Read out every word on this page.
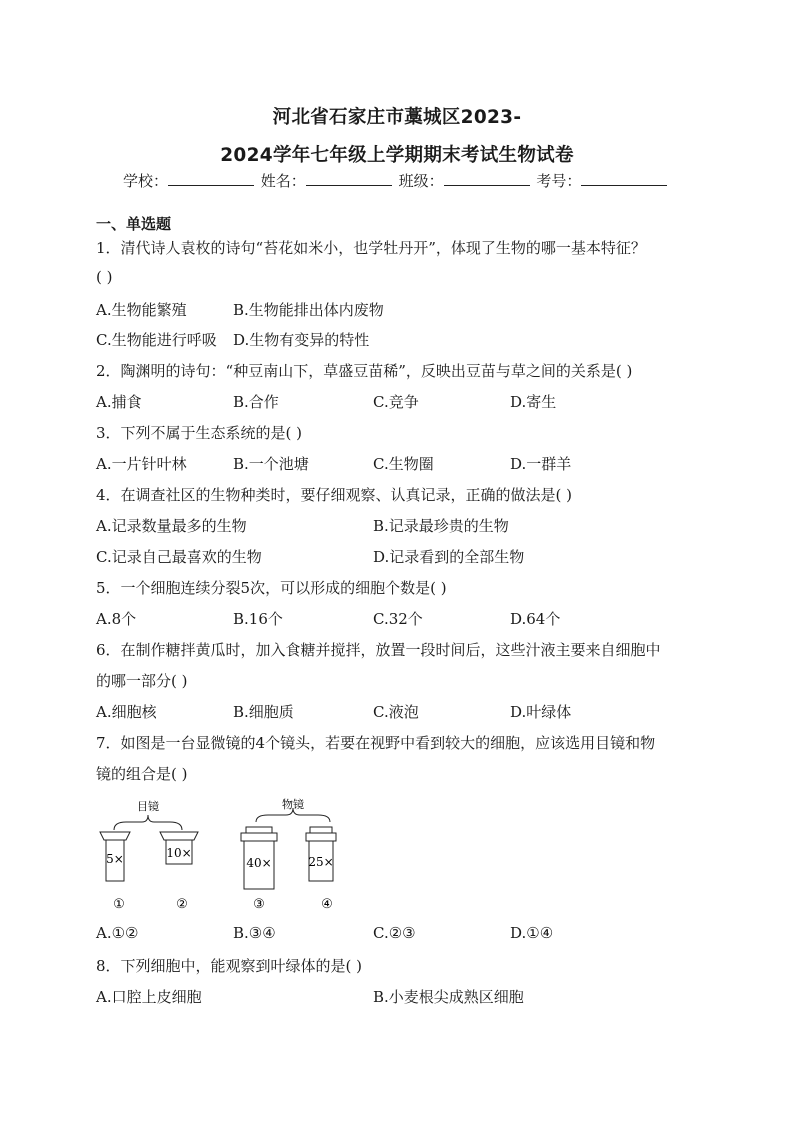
河北省石家庄市藁城区2023-
2024学年七年级上学期期末考试生物试卷
学校：	姓名：	班级：	考号：
一、单选题
1．清代诗人袁枚的诗句“苔花如米小，也学牡丹开”，体现了生物的哪一基本特征？
( )
A.生物能繁殖	B.生物能排出体内废物
C.生物能进行呼吸 D.生物有变异的特性
2．陶渊明的诗句：“种豆南山下，草盛豆苗稀”，反映出豆苗与草之间的关系是( )
A.捕食	B.合作	C.竞争	D.寄生
3．下列不属于生态系统的是( )
A.一片针叶林	B.一个池塘	C.生物圈	D.一群羊
4．在调查社区的生物种类时，要仔细观察、认真记录，正确的做法是( )
A.记录数量最多的生物	B.记录最珍贵的生物
C.记录自己最喜欢的生物	D.记录看到的全部生物
5．一个细胞连续分裂5次，可以形成的细胞个数是( )
A.8个	B.16个	C.32个	D.64个
6．在制作糖拌黄瓜时，加入食糖并搅拌，放置一段时间后，这些汁液主要来自细胞中
的哪一部分( )
A.细胞核	B.细胞质	C.液泡	D.叶绿体
7．如图是一台显微镜的4个镜头，若要在视野中看到较大的细胞，应该选用目镜和物
镜的组合是( )
目镜	物镜
5×	10×
40×	25×
①	②	③	④
A.①②	B.③④	C.②③	D.①④
8．下列细胞中，能观察到叶绿体的是( )
A.口腔上皮细胞	B.小麦根尖成熟区细胞
